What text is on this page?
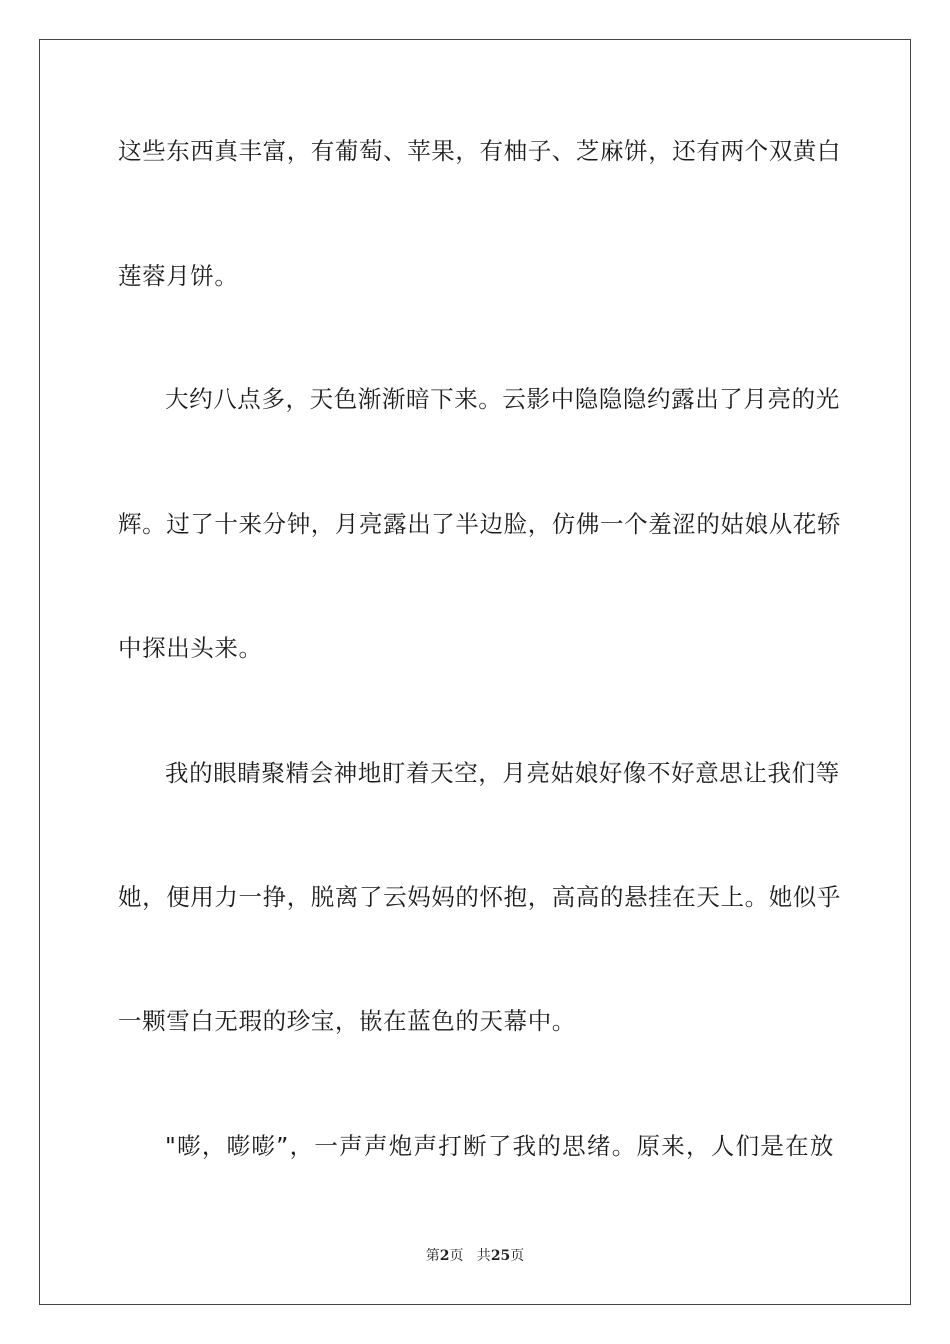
这些东西真丰富，有葡萄、苹果，有柚子、芝麻饼，还有两个双黄白
莲蓉月饼。
大约八点多，天色渐渐暗下来。云影中隐隐隐约露出了月亮的光
辉。过了十来分钟，月亮露出了半边脸，仿佛一个羞涩的姑娘从花轿
中探出头来。
我的眼睛聚精会神地盯着天空，月亮姑娘好像不好意思让我们等
她，便用力一挣，脱离了云妈妈的怀抱，高高的悬挂在天上。她似乎
一颗雪白无瑕的珍宝，嵌在蓝色的天幕中。
"嘭，嘭嘭”，一声声炮声打断了我的思绪。原来，人们是在放
第2页   共25页
